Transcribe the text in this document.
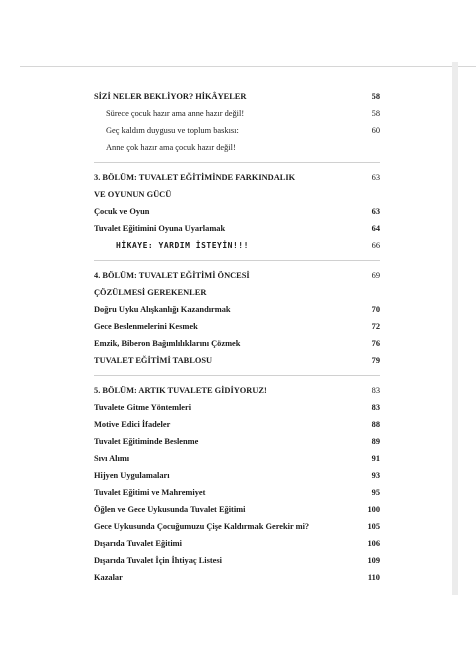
SİZİ NELER BEKLİYOR? HİKÂYELER	58
Sürece çocuk hazır ama anne hazır değil!	58
Geç kaldım duygusu ve toplum baskısı:	60
Anne çok hazır ama çocuk hazır değil!
3. BÖLÜM: TUVALET EĞİTİMİNDE FARKINDALIK	63
VE OYUNUN GÜCÜ
Çocuk ve Oyun	63
Tuvalet Eğitimini Oyuna Uyarlamak	64
HİKAYE: YARDIM İSTEYİN!!!	66
4. BÖLÜM: TUVALET EĞİTİMİ ÖNCESİ	69
ÇÖZÜLMESİ GEREKENLER
Doğru Uyku Alışkanlığı Kazandırmak	70
Gece Beslenmelerini Kesmek	72
Emzik, Biberon Bağımlılıklarını Çözmek	76
TUVALET EĞİTİMİ TABLOSU	79
5. BÖLÜM: ARTIK TUVALETE GİDİYORUZ!	83
Tuvalete Gitme Yöntemleri	83
Motive Edici İfadeler	88
Tuvalet Eğitiminde Beslenme	89
Sıvı Alımı	91
Hijyen Uygulamaları	93
Tuvalet Eğitimi ve Mahremiyet	95
Öğlen ve Gece Uykusunda Tuvalet Eğitimi	100
Gece Uykusunda Çocuğumuzu Çişe Kaldırmak Gerekir mi?	105
Dışarıda Tuvalet Eğitimi	106
Dışarıda Tuvalet İçin İhtiyaç Listesi	109
Kazalar	110
